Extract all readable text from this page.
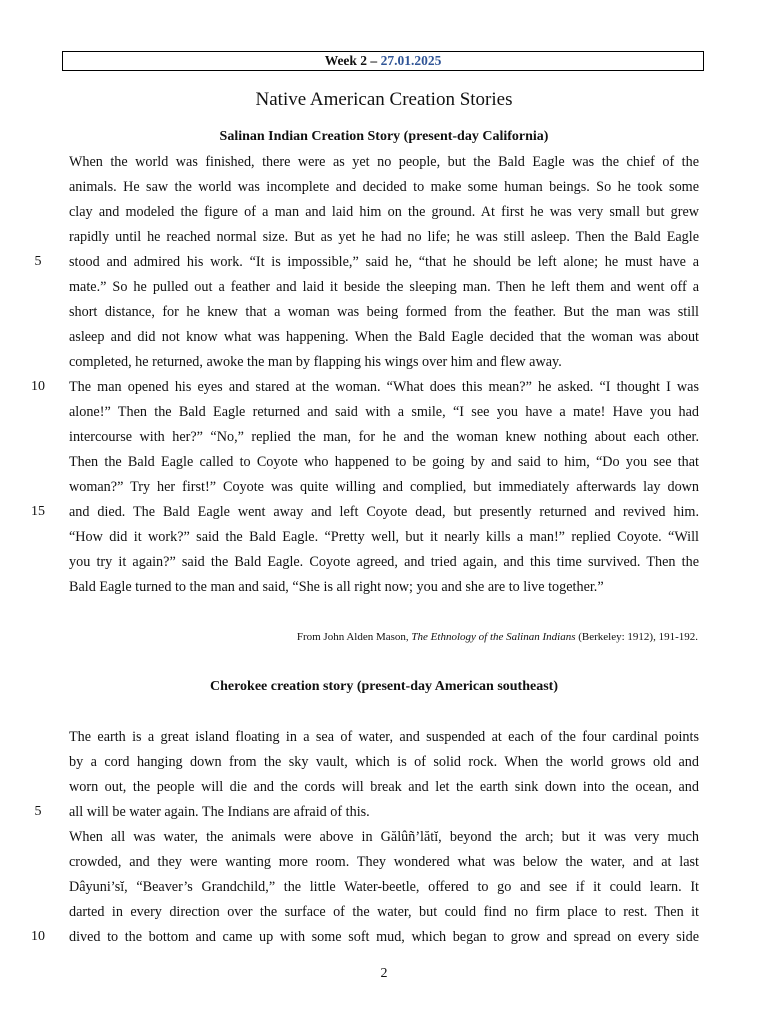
Week 2 – 27.01.2025
Native American Creation Stories
Salinan Indian Creation Story (present-day California)
When the world was finished, there were as yet no people, but the Bald Eagle was the chief of the
animals. He saw the world was incomplete and decided to make some human beings. So he took some
clay and modeled the figure of a man and laid him on the ground. At first he was very small but grew
rapidly until he reached normal size. But as yet he had no life; he was still asleep. Then the Bald Eagle
stood and admired his work. “It is impossible,” said he, “that he should be left alone; he must have a
mate.” So he pulled out a feather and laid it beside the sleeping man. Then he left them and went off a
short distance, for he knew that a woman was being formed from the feather. But the man was still
asleep and did not know what was happening. When the Bald Eagle decided that the woman was about
completed, he returned, awoke the man by flapping his wings over him and flew away.
The man opened his eyes and stared at the woman. “What does this mean?” he asked. “I thought I was
alone!” Then the Bald Eagle returned and said with a smile, “I see you have a mate! Have you had
intercourse with her?” “No,” replied the man, for he and the woman knew nothing about each other.
Then the Bald Eagle called to Coyote who happened to be going by and said to him, “Do you see that
woman?” Try her first!” Coyote was quite willing and complied, but immediately afterwards lay down
and died. The Bald Eagle went away and left Coyote dead, but presently returned and revived him.
“How did it work?” said the Bald Eagle. “Pretty well, but it nearly kills a man!” replied Coyote. “Will
you try it again?” said the Bald Eagle. Coyote agreed, and tried again, and this time survived. Then the
Bald Eagle turned to the man and said, “She is all right now; you and she are to live together.”
5
10
15
From John Alden Mason, The Ethnology of the Salinan Indians (Berkeley: 1912), 191-192.
Cherokee creation story (present-day American southeast)
The earth is a great island floating in a sea of water, and suspended at each of the four cardinal points
by a cord hanging down from the sky vault, which is of solid rock. When the world grows old and
worn out, the people will die and the cords will break and let the earth sink down into the ocean, and
all will be water again. The Indians are afraid of this.
When all was water, the animals were above in Gălûñ’lătĭ, beyond the arch; but it was very much
crowded, and they were wanting more room. They wondered what was below the water, and at last
Dâyuni’sĭ, “Beaver’s Grandchild,” the little Water-beetle, offered to go and see if it could learn. It
darted in every direction over the surface of the water, but could find no firm place to rest. Then it
dived to the bottom and came up with some soft mud, which began to grow and spread on every side
5
10
2
